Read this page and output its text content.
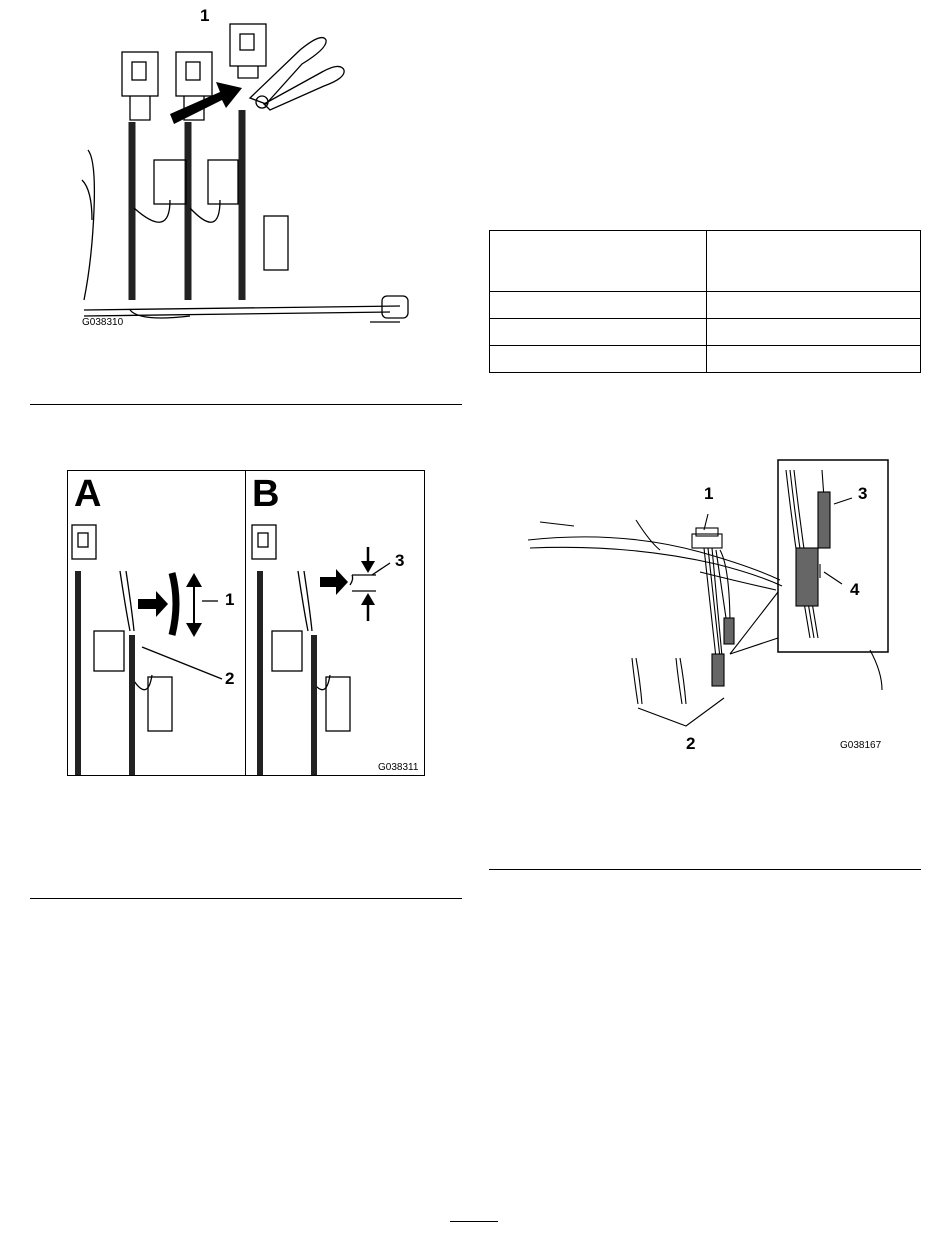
1
G038310
A	B
1
2
3
G038311

1
2
3
4
G038167
